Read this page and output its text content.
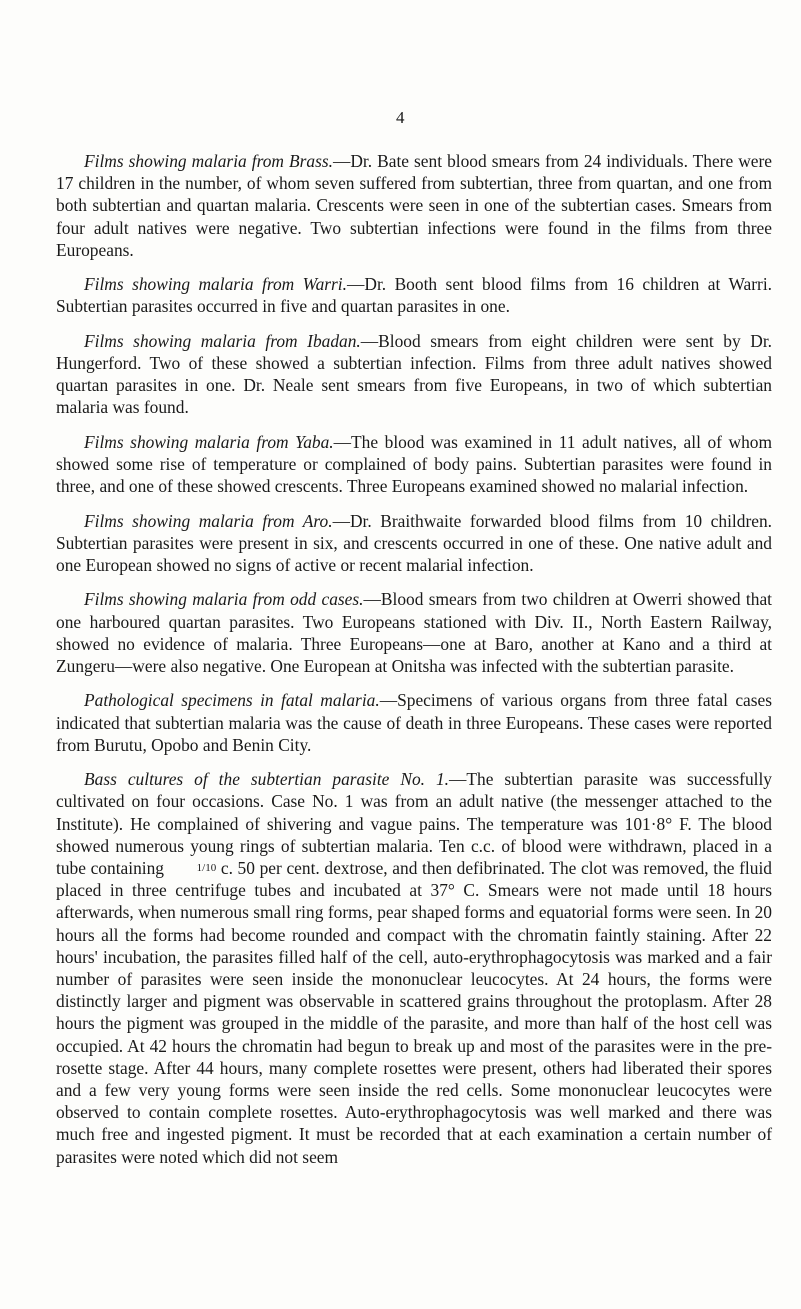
4

Films showing malaria from Brass.—Dr. Bate sent blood smears from 24 individuals. There were 17 children in the number, of whom seven suffered from subtertian, three from quartan, and one from both subtertian and quartan malaria. Crescents were seen in one of the subtertian cases. Smears from four adult natives were negative. Two subtertian infections were found in the films from three Europeans.

Films showing malaria from Warri.—Dr. Booth sent blood films from 16 children at Warri. Subtertian parasites occurred in five and quartan parasites in one.

Films showing malaria from Ibadan.—Blood smears from eight children were sent by Dr. Hungerford. Two of these showed a subtertian infection. Films from three adult natives showed quartan parasites in one. Dr. Neale sent smears from five Europeans, in two of which subtertian malaria was found.

Films showing malaria from Yaba.—The blood was examined in 11 adult natives, all of whom showed some rise of temperature or complained of body pains. Subtertian parasites were found in three, and one of these showed crescents. Three Europeans examined showed no malarial infection.

Films showing malaria from Aro.—Dr. Braithwaite forwarded blood films from 10 children. Subtertian parasites were present in six, and crescents occurred in one of these. One native adult and one European showed no signs of active or recent malarial infection.

Films showing malaria from odd cases.—Blood smears from two children at Owerri showed that one harboured quartan parasites. Two Europeans stationed with Div. II., North Eastern Railway, showed no evidence of malaria. Three Europeans—one at Baro, another at Kano and a third at Zungeru—were also negative. One European at Onitsha was infected with the subtertian parasite.

Pathological specimens in fatal malaria.—Specimens of various organs from three fatal cases indicated that subtertian malaria was the cause of death in three Europeans. These cases were reported from Burutu, Opobo and Benin City.

Bass cultures of the subtertian parasite No. 1.—The subtertian parasite was successfully cultivated on four occasions. Case No. 1 was from an adult native (the messenger attached to the Institute). He complained of shivering and vague pains. The temperature was 101·8° F. The blood showed numerous young rings of subtertian malaria. Ten c.c. of blood were withdrawn, placed in a tube containing	1/10 c. 50 per cent. dextrose, and then defibrinated. The clot was removed, the fluid placed in three centrifuge tubes and incubated at 37° C. Smears were not made until 18 hours afterwards, when numerous small ring forms, pear shaped forms and equatorial forms were seen. In 20 hours all the forms had become rounded and compact with the chromatin faintly staining. After 22 hours' incubation, the parasites filled half of the cell, auto-erythrophagocytosis was marked and a fair number of parasites were seen inside the mononuclear leucocytes. At 24 hours, the forms were distinctly larger and pigment was observable in scattered grains throughout the protoplasm. After 28 hours the pigment was grouped in the middle of the parasite, and more than half of the host cell was occupied. At 42 hours the chromatin had begun to break up and most of the parasites were in the pre-rosette stage. After 44 hours, many complete rosettes were present, others had liberated their spores and a few very young forms were seen inside the red cells. Some mononuclear leucocytes were observed to contain complete rosettes. Auto-erythrophagocytosis was well marked and there was much free and ingested pigment. It must be recorded that at each examination a certain number of parasites were noted which did not seem
